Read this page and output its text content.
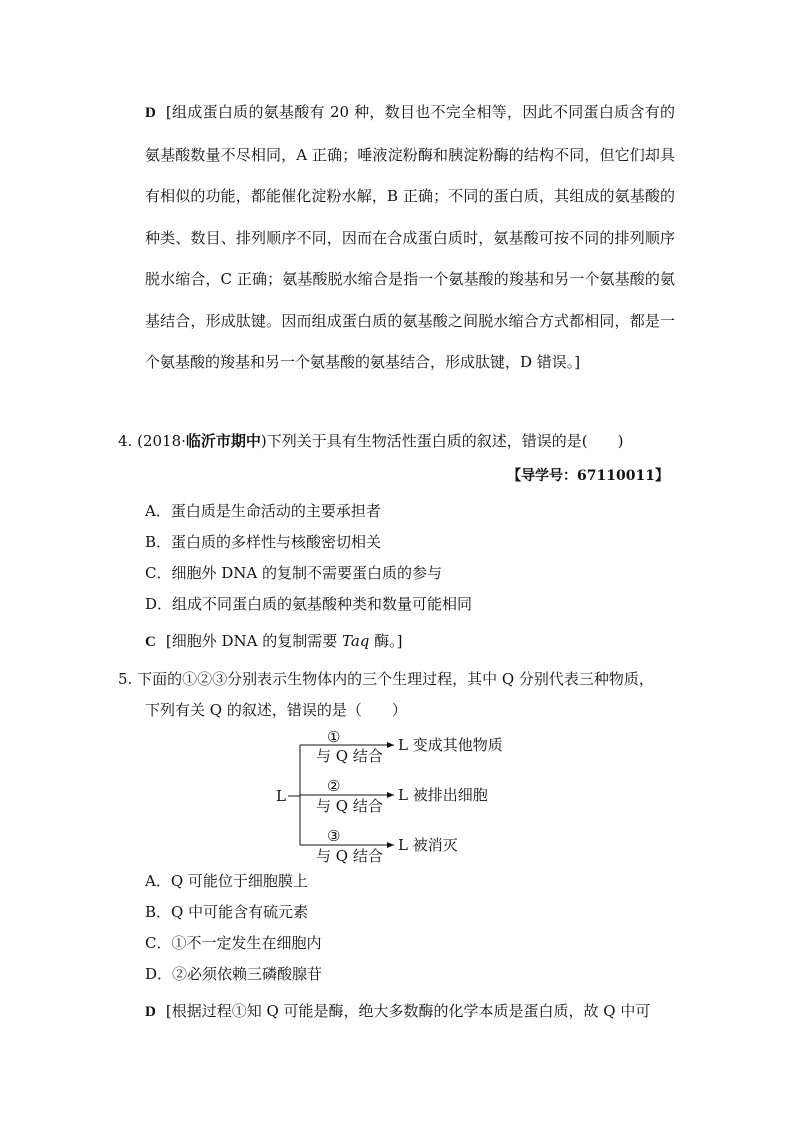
D [组成蛋白质的氨基酸有 20 种，数目也不完全相等，因此不同蛋白质含有的氨基酸数量不尽相同，A 正确；唾液淀粉酶和胰淀粉酶的结构不同，但它们却具有相似的功能，都能催化淀粉水解，B 正确；不同的蛋白质，其组成的氨基酸的种类、数目、排列顺序不同，因而在合成蛋白质时，氨基酸可按不同的排列顺序脱水缩合，C 正确；氨基酸脱水缩合是指一个氨基酸的羧基和另一个氨基酸的氨基结合，形成肽键。因而组成蛋白质的氨基酸之间脱水缩合方式都相同，都是一个氨基酸的羧基和另一个氨基酸的氨基结合，形成肽键，D 错误。]
4. (2018·临沂市期中)下列关于具有生物活性蛋白质的叙述，错误的是(　　)
【导学号：67110011】
A．蛋白质是生命活动的主要承担者
B．蛋白质的多样性与核酸密切相关
C．细胞外 DNA 的复制不需要蛋白质的参与
D．组成不同蛋白质的氨基酸种类和数量可能相同
C [细胞外 DNA 的复制需要 Taq 酶。]
5. 下面的①②③分别表示生物体内的三个生理过程，其中 Q 分别代表三种物质，
下列有关 Q 的叙述，错误的是（　　）
L
①
与 Q 结合
L 变成其他物质
②
与 Q 结合
L 被排出细胞
③
与 Q 结合
L 被消灭
A．Q 可能位于细胞膜上
B．Q 中可能含有硫元素
C．①不一定发生在细胞内
D．②必须依赖三磷酸腺苷
D [根据过程①知 Q 可能是酶，绝大多数酶的化学本质是蛋白质，故 Q 中可
